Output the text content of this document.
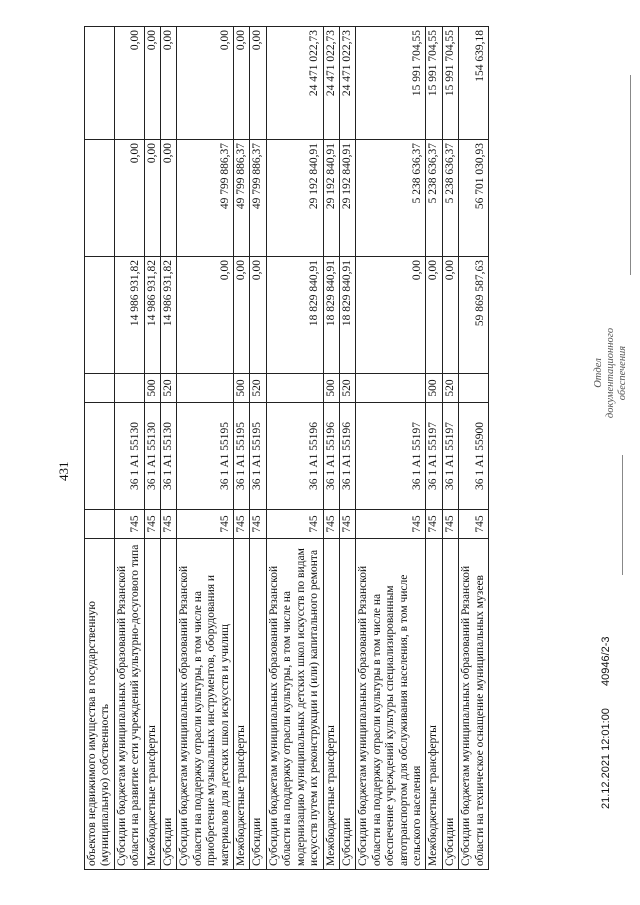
431
объектов недвижимого имущества в государственную (муниципальную) собственность						
Субсидии бюджетам муниципальных образований Рязанской области на развитие сети учреждений культурно-досугового типа	745	36 1 A1 55130		14 986 931,82	0,00	0,00
Межбюджетные трансферты	745	36 1 A1 55130	500	14 986 931,82	0,00	0,00
Субсидии	745	36 1 A1 55130	520	14 986 931,82	0,00	0,00
Субсидии бюджетам муниципальных образований Рязанской области на поддержку отрасли культуры, в том числе на приобретение музыкальных инструментов, оборудования и материалов для детских школ искусств и училищ	745	36 1 A1 55195		0,00	49 799 886,37	0,00
Межбюджетные трансферты	745	36 1 A1 55195	500	0,00	49 799 886,37	0,00
Субсидии	745	36 1 A1 55195	520	0,00	49 799 886,37	0,00
Субсидии бюджетам муниципальных образований Рязанской области на поддержку отрасли культуры, в том числе на модернизацию муниципальных детских школ искусств по видам искусств путем их реконструкции и (или) капитального ремонта	745	36 1 A1 55196		18 829 840,91	29 192 840,91	24 471 022,73
Межбюджетные трансферты	745	36 1 A1 55196	500	18 829 840,91	29 192 840,91	24 471 022,73
Субсидии	745	36 1 A1 55196	520	18 829 840,91	29 192 840,91	24 471 022,73
Субсидии бюджетам муниципальных образований Рязанской области на поддержку отрасли культуры в том числе на обеспечение учреждений культуры специализированным автотранспортом для обслуживания населения, в том числе сельского населения	745	36 1 A1 55197		0,00	5 238 636,37	15 991 704,55
Межбюджетные трансферты	745	36 1 A1 55197	500	0,00	5 238 636,37	15 991 704,55
Субсидии	745	36 1 A1 55197	520	0,00	5 238 636,37	15 991 704,55
Субсидии бюджетам муниципальных образований Рязанской области на техническое оснащение муниципальных музеев	745	36 1 A1 55900		59 869 587,63	56 701 030,93	154 639,18
21.12.2021 12:01:00
40946/2-3
Отдел документационного обеспечения
